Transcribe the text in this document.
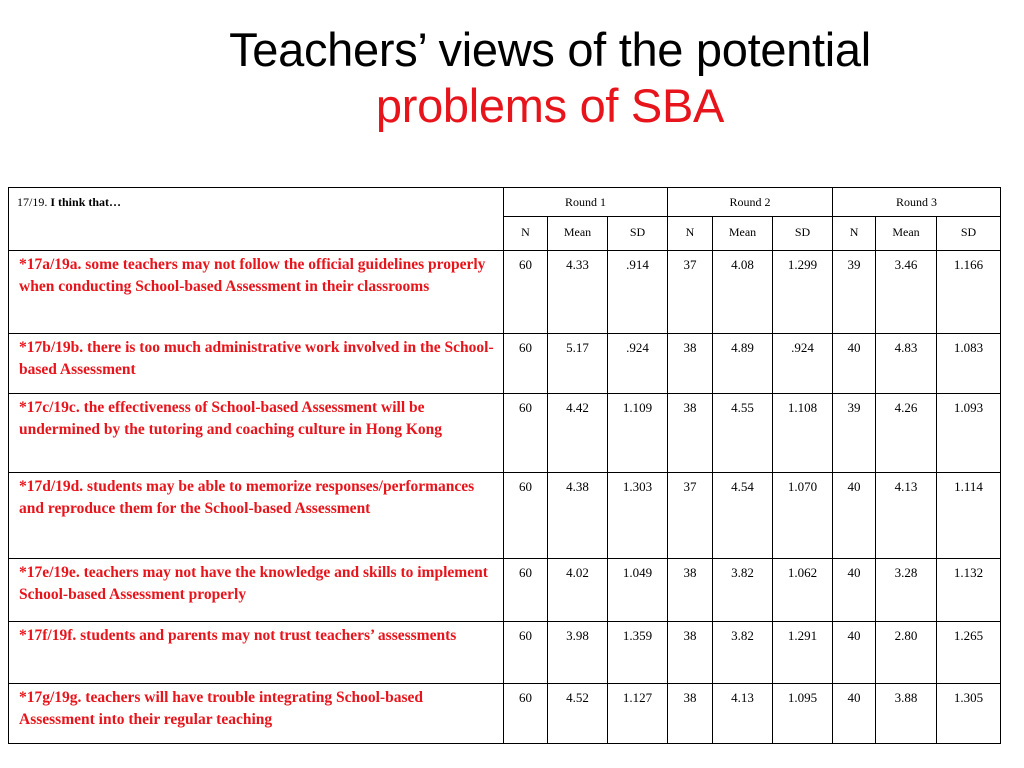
Teachers’ views of the potential
problems of SBA
17/19. I think that…	Round 1			Round 2			Round 3		
	N	Mean	SD	N	Mean	SD	N	Mean	SD
*17a/19a. some teachers may not follow the official guidelines properly when conducting School-based Assessment in their classrooms	60	4.33	.914	37	4.08	1.299	39	3.46	1.166
*17b/19b. there is too much administrative work involved in the School-based Assessment	60	5.17	.924	38	4.89	.924	40	4.83	1.083
*17c/19c. the effectiveness of School-based Assessment will be undermined by the tutoring and coaching culture in Hong Kong	60	4.42	1.109	38	4.55	1.108	39	4.26	1.093
*17d/19d. students may be able to memorize responses/performances and reproduce them for the School-based Assessment	60	4.38	1.303	37	4.54	1.070	40	4.13	1.114
*17e/19e. teachers may not have the knowledge and skills to implement School-based Assessment properly	60	4.02	1.049	38	3.82	1.062	40	3.28	1.132
*17f/19f. students and parents may not trust teachers’ assessments	60	3.98	1.359	38	3.82	1.291	40	2.80	1.265
*17g/19g. teachers will have trouble integrating School-based Assessment into their regular teaching	60	4.52	1.127	38	4.13	1.095	40	3.88	1.305
